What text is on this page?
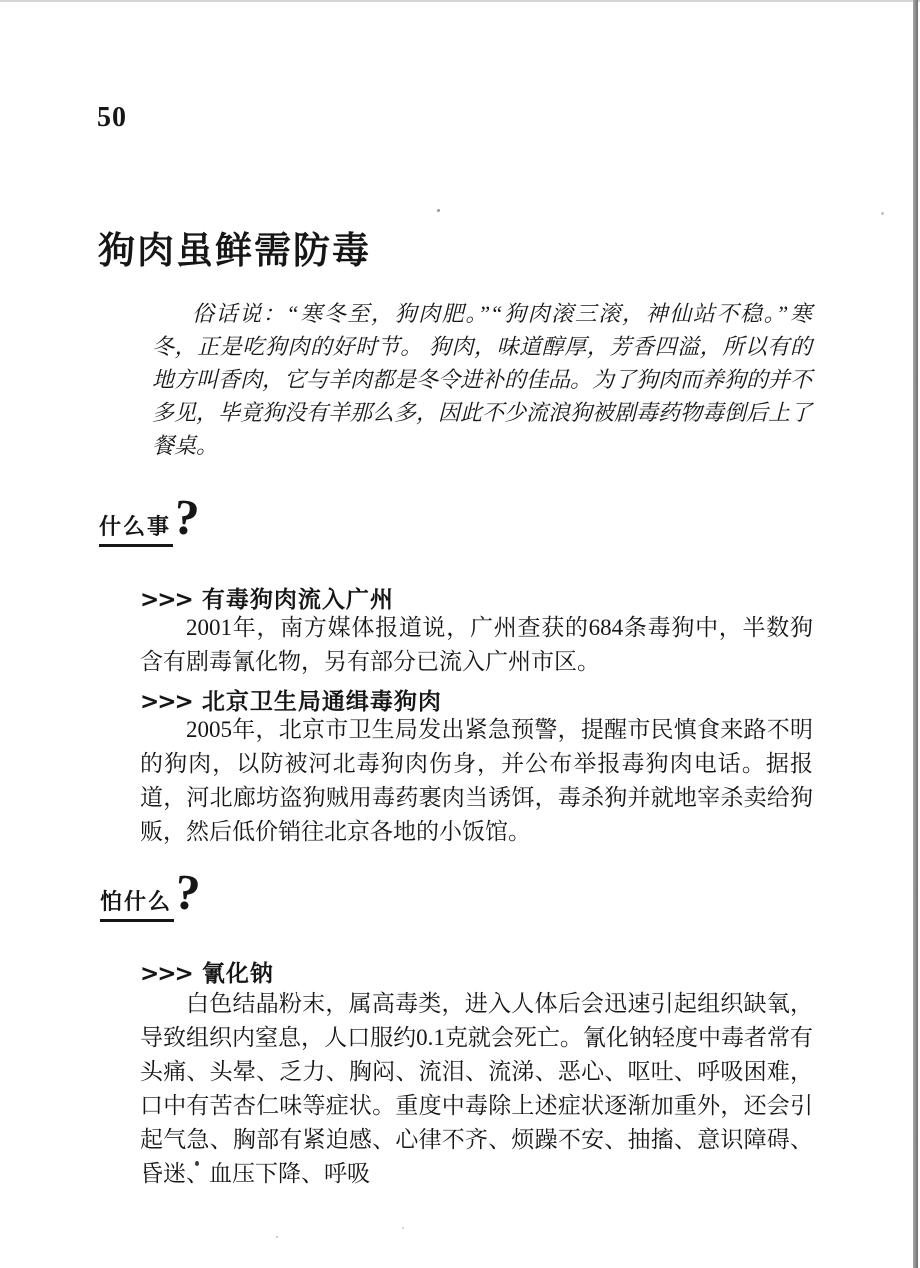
50
狗肉虽鲜需防毒

俗话说：“寒冬至，狗肉肥。”“狗肉滚三滚，神仙站不稳。”寒冬，正是吃狗肉的好时节。 狗肉，味道醇厚，芳香四溢，所以有的地方叫香肉，它与羊肉都是冬令进补的佳品。为了狗肉而养狗的并不多见，毕竟狗没有羊那么多，因此不少流浪狗被剧毒药物毒倒后上了餐桌。

什么事?
>>> 有毒狗肉流入广州

2001年，南方媒体报道说，广州查获的684条毒狗中，半数狗含有剧毒氰化物，另有部分已流入广州市区。

>>> 北京卫生局通缉毒狗肉

2005年，北京市卫生局发出紧急预警，提醒市民慎食来路不明的狗肉，以防被河北毒狗肉伤身，并公布举报毒狗肉电话。据报道，河北廊坊盗狗贼用毒药裹肉当诱饵，毒杀狗并就地宰杀卖给狗贩，然后低价销往北京各地的小饭馆。

怕什么?
>>> 氰化钠

白色结晶粉末，属高毒类，进入人体后会迅速引起组织缺氧，导致组织内窒息，人口服约0.1克就会死亡。氰化钠轻度中毒者常有头痛、头晕、乏力、胸闷、流泪、流涕、恶心、呕吐、呼吸困难，口中有苦杏仁味等症状。重度中毒除上述症状逐渐加重外，还会引起气急、胸部有紧迫感、心律不齐、烦躁不安、抽搐、意识障碍、昏迷、血压下降、呼吸
